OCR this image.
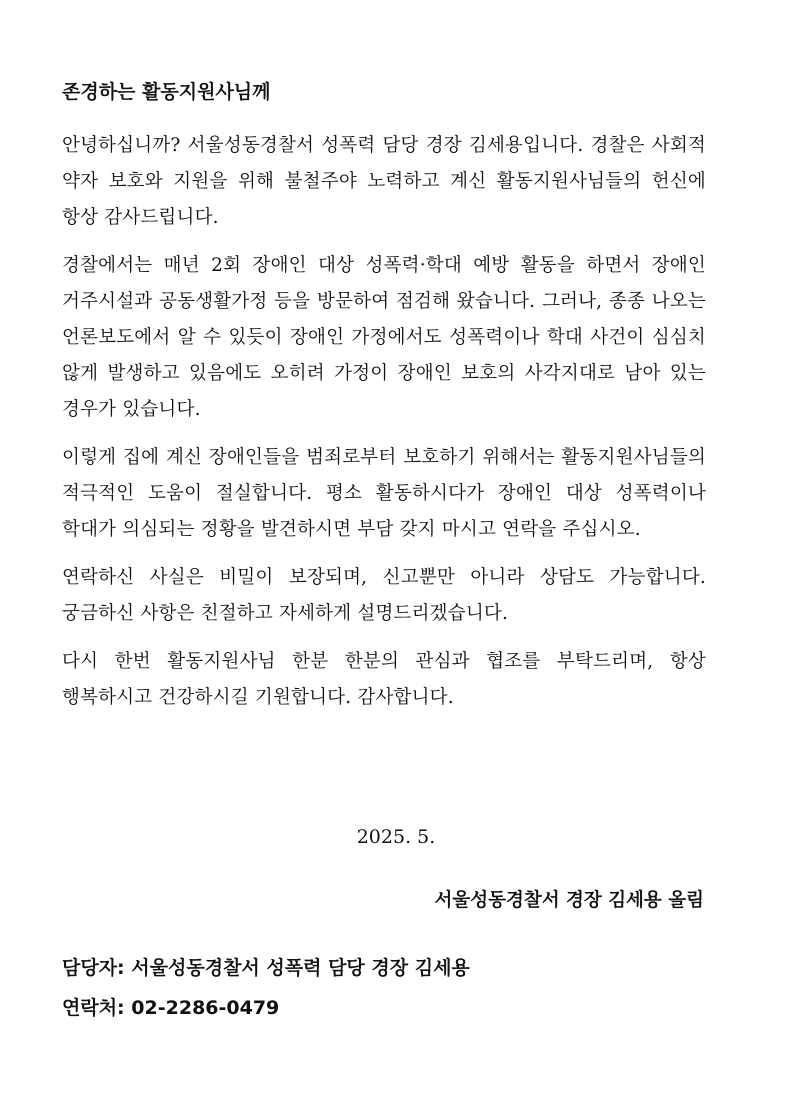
존경하는 활동지원사님께

안녕하십니까? 서울성동경찰서 성폭력 담당 경장 김세용입니다. 경찰은 사회적 약자 보호와 지원을 위해 불철주야 노력하고 계신 활동지원사님들의 헌신에 항상 감사드립니다.

경찰에서는 매년 2회 장애인 대상 성폭력·학대 예방 활동을 하면서 장애인 거주시설과 공동생활가정 등을 방문하여 점검해 왔습니다. 그러나, 종종 나오는 언론보도에서 알 수 있듯이 장애인 가정에서도 성폭력이나 학대 사건이 심심치 않게 발생하고 있음에도 오히려 가정이 장애인 보호의 사각지대로 남아 있는 경우가 있습니다.

이렇게 집에 계신 장애인들을 범죄로부터 보호하기 위해서는 활동지원사님들의 적극적인 도움이 절실합니다. 평소 활동하시다가 장애인 대상 성폭력이나 학대가 의심되는 정황을 발견하시면 부담 갖지 마시고 연락을 주십시오.

연락하신 사실은 비밀이 보장되며, 신고뿐만 아니라 상담도 가능합니다. 궁금하신 사항은 친절하고 자세하게 설명드리겠습니다.

다시 한번 활동지원사님 한분 한분의 관심과 협조를 부탁드리며, 항상 행복하시고 건강하시길 기원합니다. 감사합니다.

2025. 5.
서울성동경찰서 경장 김세용 올림
담당자: 서울성동경찰서 성폭력 담당 경장 김세용
연락처: 02-2286-0479
